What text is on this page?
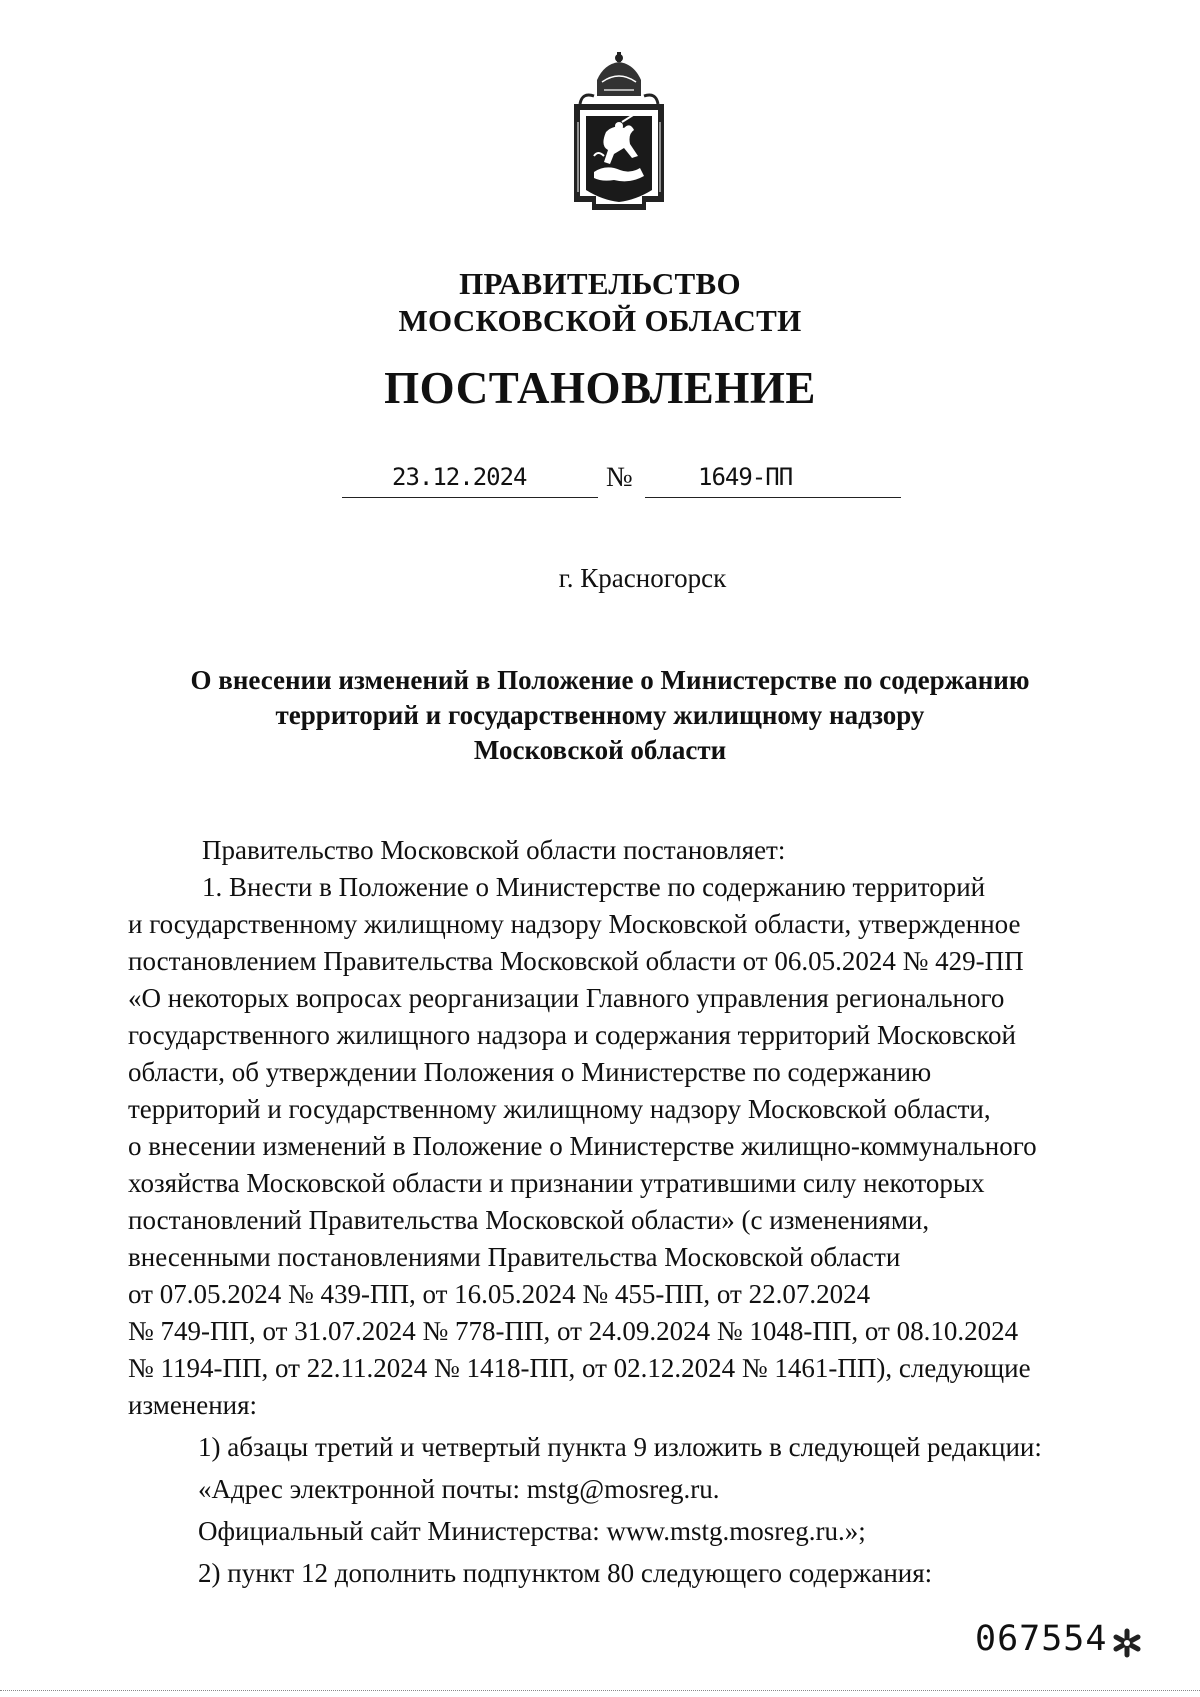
ПРАВИТЕЛЬСТВО
МОСКОВСКОЙ ОБЛАСТИ
ПОСТАНОВЛЕНИЕ
23.12.2024	№	1649-ПП
г. Красногорск
О внесении изменений в Положение о Министерстве по содержанию
территорий и государственному жилищному надзору
Московской области
Правительство Московской области постановляет:
1. Внести в Положение о Министерстве по содержанию территорий
и государственному жилищному надзору Московской области, утвержденное
постановлением Правительства Московской области от 06.05.2024 № 429-ПП
«О некоторых вопросах реорганизации Главного управления регионального
государственного жилищного надзора и содержания территорий Московской
области, об утверждении Положения о Министерстве по содержанию
территорий и государственному жилищному надзору Московской области,
о внесении изменений в Положение о Министерстве жилищно-коммунального
хозяйства Московской области и признании утратившими силу некоторых
постановлений Правительства Московской области» (с изменениями,
внесенными постановлениями Правительства Московской области
от 07.05.2024 № 439-ПП, от 16.05.2024 № 455-ПП, от 22.07.2024
№ 749-ПП, от 31.07.2024 № 778-ПП, от 24.09.2024 № 1048-ПП, от 08.10.2024
№ 1194-ПП, от 22.11.2024 № 1418-ПП, от 02.12.2024 № 1461-ПП), следующие
изменения:
1) абзацы третий и четвертый пункта 9 изложить в следующей редакции:
«Адрес электронной почты: mstg@mosreg.ru.
Официальный сайт Министерства: www.mstg.mosreg.ru.»;
2) пункт 12 дополнить подпунктом 80 следующего содержания:
067554
